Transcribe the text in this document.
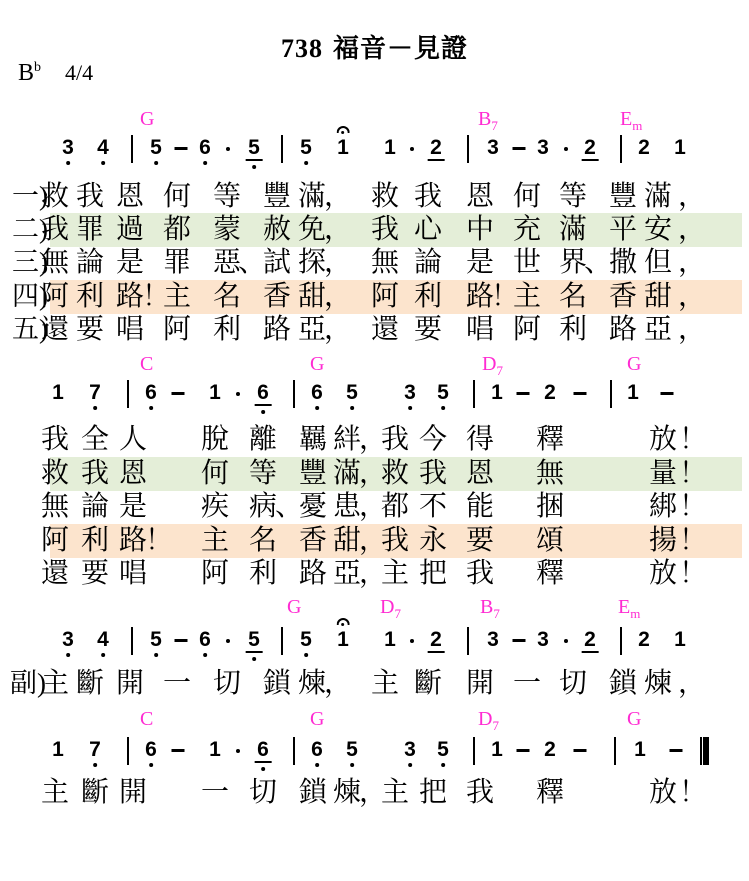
738 福音－見證
$B^b$ 4/4
G	$B_7$	$E_m$
C	G	$D_7$	G
G	$D_7$	$B_7$	$E_m$
C	G	$D_7$	G
3 4 5 6 5 5 1 1 2 3 3 2 2 1
1 7 6 1 6 6 5 3 5 1 2	1
3 4 5 6 5 5 1 1 2 3 3 2 2 1
1 7 6 1 6 6 5 3 5 1 2	1
一)
救 我 恩 何 等 豐 滿
， 救 我 恩 何 等 豐 滿 ，
二)
我 罪 過 都 蒙 赦 免
， 我 心 中 充 滿 平 安 ，
三)
無 論 是 罪 惡
、
試 探
， 無 論 是 世 界
、
撒 但 ，
四)
阿 利 路
！
主 名 香 甜
， 阿 利 路
！
主 名 香 甜 ，
五)
還 要 唱 阿 利 路 亞
， 還 要 唱 阿 利 路 亞 ，
我 全 人 脫 離 羈 絆
，
我 今 得 釋	放 ！
救 我 恩 何 等 豐 滿
，
救 我 恩 無	量 ！
無 論 是 疾 病
、
憂 患
，
都 不 能 捆	綁 ！
阿 利 路
！ 主 名 香 甜
，
我 永 要 頌	揚 ！
還 要 唱 阿 利 路 亞
，
主 把 我 釋	放 ！
副)
主 斷 開 一 切 鎖 煉
， 主 斷 開 一 切 鎖 煉 ，
主 斷 開 一 切 鎖 煉
，
主 把 我 釋	放 ！
